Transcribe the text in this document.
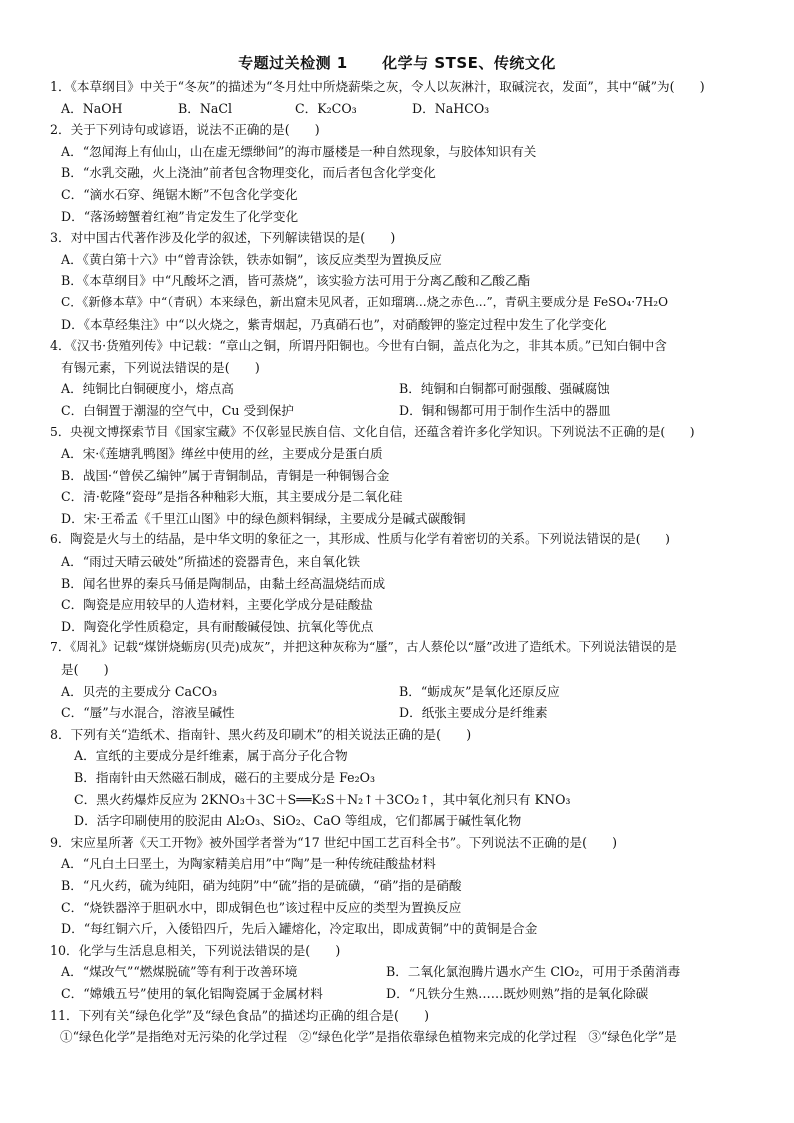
专题过关检测 1 化学与 STSE、传统文化
1．《本草纲目》中关于“冬灰”的描述为“冬月灶中所烧薪柴之灰，令人以灰淋汁，取碱浣衣，发面”，其中“碱”为(　　)
A．NaOH	B．NaCl	C．K₂CO₃	D．NaHCO₃
2．关于下列诗句或谚语，说法不正确的是(　　)
A．“忽闻海上有仙山，山在虚无缥缈间”的海市蜃楼是一种自然现象，与胶体知识有关
B．“水乳交融，火上浇油”前者包含物理变化，而后者包含化学变化
C．“滴水石穿、绳锯木断”不包含化学变化
D．“落汤螃蟹着红袍”肯定发生了化学变化
3．对中国古代著作涉及化学的叙述，下列解读错误的是(　　)
A．《黄白第十六》中“曾青涂铁，铁赤如铜”，该反应类型为置换反应
B．《本草纲目》中“凡酸坏之酒，皆可蒸烧”，该实验方法可用于分离乙酸和乙酸乙酯
C．《新修本草》中“（青矾）本来绿色，新出窟未见风者，正如瑠璃...烧之赤色...”，青矾主要成分是 FeSO₄·7H₂O
D．《本草经集注》中“以火烧之，紫青烟起，乃真硝石也”，对硝酸钾的鉴定过程中发生了化学变化
4．《汉书·货殖列传》中记载：“章山之铜，所谓丹阳铜也。今世有白铜，盖点化为之，非其本质。”已知白铜中含
有锡元素，下列说法错误的是(　　)
A．纯铜比白铜硬度小，熔点高	B．纯铜和白铜都可耐强酸、强碱腐蚀
C．白铜置于潮湿的空气中，Cu 受到保护	D．铜和锡都可用于制作生活中的器皿
5．央视文博探索节目《国家宝藏》不仅彰显民族自信、文化自信，还蕴含着许多化学知识。下列说法不正确的是(　　)
A．宋·《莲塘乳鸭图》缂丝中使用的丝，主要成分是蛋白质
B．战国·“曾侯乙编钟”属于青铜制品，青铜是一种铜锡合金
C．清·乾隆“瓷母”是指各种釉彩大瓶，其主要成分是二氧化硅
D．宋·王希孟《千里江山图》中的绿色颜料铜绿，主要成分是碱式碳酸铜
6．陶瓷是火与土的结晶，是中华文明的象征之一，其形成、性质与化学有着密切的关系。下列说法错误的是(　　)
A．“雨过天晴云破处”所描述的瓷器青色，来自氧化铁
B．闻名世界的秦兵马俑是陶制品，由黏土经高温烧结而成
C．陶瓷是应用较早的人造材料，主要化学成分是硅酸盐
D．陶瓷化学性质稳定，具有耐酸碱侵蚀、抗氧化等优点
7．《周礼》记载“煤饼烧蛎房(贝壳)成灰”，并把这种灰称为“蜃”，古人蔡伦以“蜃”改进了造纸术。下列说法错误的是
是(　　)
A．贝壳的主要成分 CaCO₃	B．“蛎成灰”是氧化还原反应
C．“蜃”与水混合，溶液呈碱性	D．纸张主要成分是纤维素
8．下列有关“造纸术、指南针、黑火药及印刷术”的相关说法正确的是(　　)
A．宣纸的主要成分是纤维素，属于高分子化合物
B．指南针由天然磁石制成，磁石的主要成分是 Fe₂O₃
C．黑火药爆炸反应为 2KNO₃＋3C＋S══K₂S＋N₂↑＋3CO₂↑，其中氧化剂只有 KNO₃
D．活字印刷使用的胶泥由 Al₂O₃、SiO₂、CaO 等组成，它们都属于碱性氧化物
9．宋应星所著《天工开物》被外国学者誉为“17 世纪中国工艺百科全书”。下列说法不正确的是(　　)
A．“凡白土曰垩土，为陶家精美启用”中“陶”是一种传统硅酸盐材料
B．“凡火药，硫为纯阳，硝为纯阴”中“硫”指的是硫磺，“硝”指的是硝酸
C．“烧铁器淬于胆矾水中，即成铜色也”该过程中反应的类型为置换反应
D．“每红铜六斤，入倭铅四斤，先后入罐熔化，冷定取出，即成黄铜”中的黄铜是合金
10．化学与生活息息相关，下列说法错误的是(　　)
A．“煤改气”“燃煤脱硫”等有利于改善环境	B．二氧化氯泡腾片遇水产生 ClO₂，可用于杀菌消毒
C．“嫦娥五号”使用的氧化铝陶瓷属于金属材料	D．“凡铁分生熟……既炒则熟”指的是氧化除碳
11．下列有关“绿色化学”及“绿色食品”的描述均正确的组合是(　　)
①“绿色化学”是指绝对无污染的化学过程 ②“绿色化学”是指依靠绿色植物来完成的化学过程 ③“绿色化学”是
